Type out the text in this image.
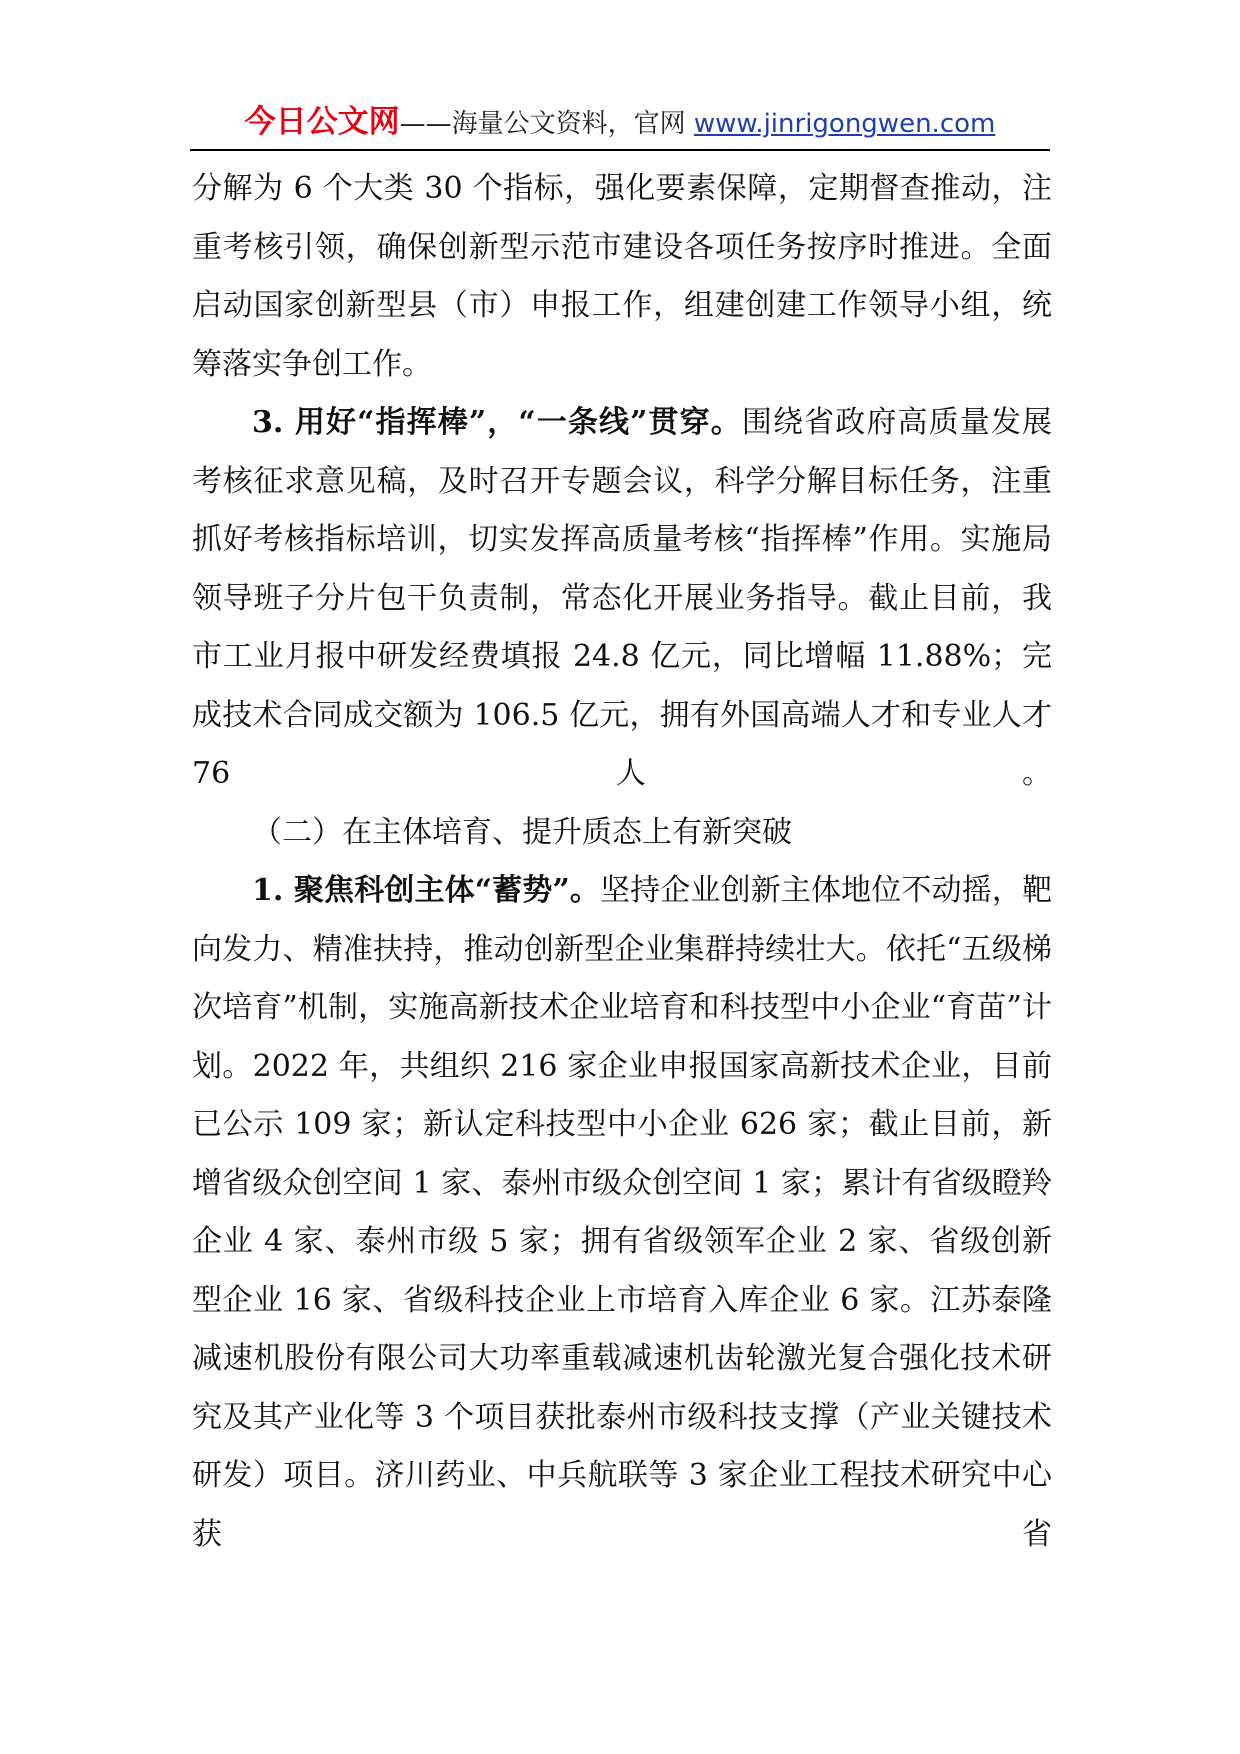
今日公文网——海量公文资料，官网 www.jinrigongwen.com

分解为 6 个大类 30 个指标，强化要素保障，定期督查推动，注重考核引领，确保创新型示范市建设各项任务按序时推进。全面启动国家创新型县（市）申报工作，组建创建工作领导小组，统筹落实争创工作。

3. 用好“指挥棒”，“一条线”贯穿。围绕省政府高质量发展考核征求意见稿，及时召开专题会议，科学分解目标任务，注重抓好考核指标培训，切实发挥高质量考核“指挥棒”作用。实施局领导班子分片包干负责制，常态化开展业务指导。截止目前，我市工业月报中研发经费填报 24.8 亿元，同比增幅 11.88%；完成技术合同成交额为 106.5 亿元，拥有外国高端人才和专业人才 76 人。

（二）在主体培育、提升质态上有新突破

1. 聚焦科创主体“蓄势”。坚持企业创新主体地位不动摇，靶向发力、精准扶持，推动创新型企业集群持续壮大。依托“五级梯次培育”机制，实施高新技术企业培育和科技型中小企业“育苗”计划。2022 年，共组织 216 家企业申报国家高新技术企业，目前已公示 109 家；新认定科技型中小企业 626 家；截止目前，新增省级众创空间 1 家、泰州市级众创空间 1 家；累计有省级瞪羚企业 4 家、泰州市级 5 家；拥有省级领军企业 2 家、省级创新型企业 16 家、省级科技企业上市培育入库企业 6 家。江苏泰隆减速机股份有限公司大功率重载减速机齿轮激光复合强化技术研究及其产业化等 3 个项目获批泰州市级科技支撑（产业关键技术研发）项目。济川药业、中兵航联等 3 家企业工程技术研究中心获省
